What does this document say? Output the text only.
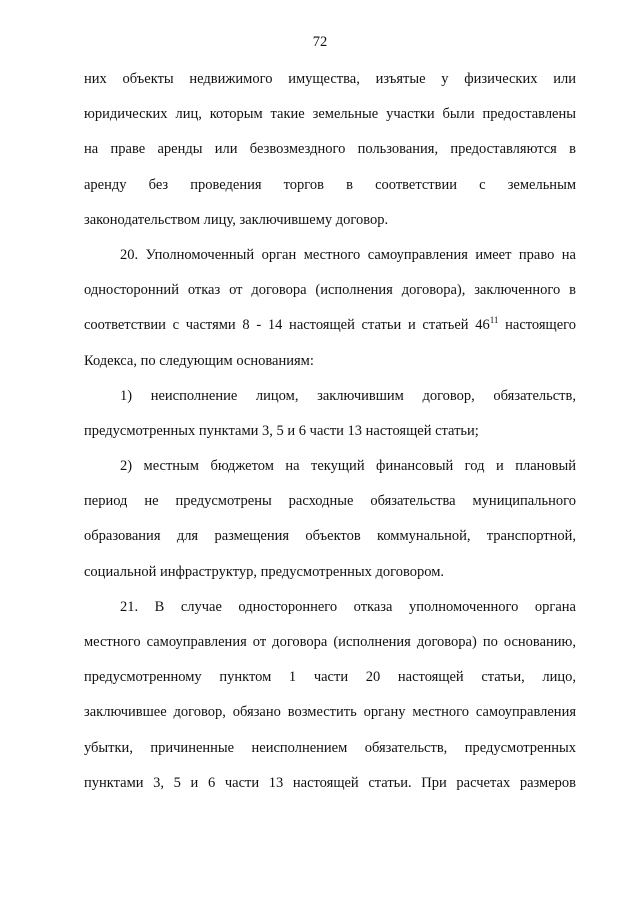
72
них объекты недвижимого имущества, изъятые у физических или
юридических лиц, которым такие земельные участки были предоставлены
на праве аренды или безвозмездного пользования, предоставляются в
аренду без проведения торгов в соответствии с земельным
законодательством лицу, заключившему договор.
20. Уполномоченный орган местного самоуправления имеет право на
односторонний отказ от договора (исполнения договора), заключенного в
соответствии с частями 8 - 14 настоящей статьи и статьей $46^{11}$ настоящего
Кодекса, по следующим основаниям:
1) неисполнение лицом, заключившим договор, обязательств,
предусмотренных пунктами 3, 5 и 6 части 13 настоящей статьи;
2) местным бюджетом на текущий финансовый год и плановый
период не предусмотрены расходные обязательства муниципального
образования для размещения объектов коммунальной, транспортной,
социальной инфраструктур, предусмотренных договором.
21. В случае одностороннего отказа уполномоченного органа
местного самоуправления от договора (исполнения договора) по основанию,
предусмотренному пунктом 1 части 20 настоящей статьи, лицо,
заключившее договор, обязано возместить органу местного самоуправления
убытки, причиненные неисполнением обязательств, предусмотренных
пунктами 3, 5 и 6 части 13 настоящей статьи. При расчетах размеров
